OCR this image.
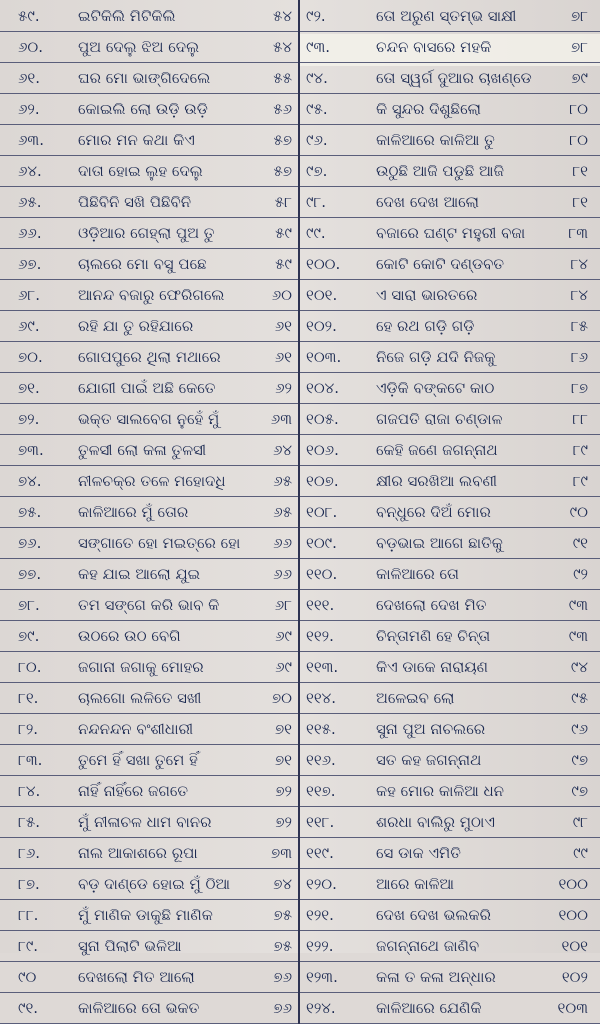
୫୯.	ଇଟିକିଲି ମିଟିକିଲି	୫୪	୯୨.	ତୋ ଅରୁଣ ସ୍ତମ୍ଭ ସାକ୍ଷୀ	୭୮
୬୦.	ପୁଅ ଦେଲୁ ଝିଅ ଦେଲୁ	୫୪	୯୩.	ଚନ୍ଦନ ବାସରେ ମହକି	୭୮
୬୧.	ଘର ମୋ ଭାଙ୍ଗିଦେଲେ	୫୫	୯୪.	ତୋ ସ୍ୱର୍ଗ ଦୁଆର ଚାଖଣ୍ଡେ	୭୯
୬୨.	କୋଇଲି ଲୋ ଉଡ଼ି ଉଡ଼ି	୫୬	୯୫.	କି ସୁନ୍ଦର ଦିଶୁଛିଲୋ	୮୦
୬୩.	ମୋର ମନ କଥା କିଏ	୫୭	୯୬.	କାଳିଆରେ କାଳିଆ ତୁ	୮୦
୬୪.	ଦାତା ହୋଇ ଲୁହ ଦେଲୁ	୫୭	୯୭.	ଉଠୁଛି ଆଜି ପଡୁଛି ଆଜି	୮୧
୬୫.	ପିଛିବିନି ସଖି ପିଛିବିନି	୫୮	୯୮.	ଦେଖ ଦେଖ ଆଲୋ	୮୧
୬୬.	ଓଡ଼ିଆର ଗେହ୍ଲା ପୁଅ ତୁ	୫୯	୯୯.	ବଜାରେ ଘଣ୍ଟ ମହୁରୀ ବଜା	୮୩
୬୭.	ଚାଲରେ ମୋ ବସୁ ପଛେ	୫୯	୧୦୦.	କୋଟି କୋଟି ଦଣ୍ଡବତ	୮୪
୬୮.	ଆନନ୍ଦ ବଜାରୁ ଫେରିଗଲେ	୬୦	୧୦୧.	ଏ ସାରା ଭାରତରେ	୮୪
୬୯.	ରହି ଯା ତୁ ରହିଯାରେ	୬୧	୧୦୨.	ହେ ରଥ ଗଡ଼ି ଗଡ଼ି	୮୫
୭୦.	ଗୋପପୁରେ ଥିଲା ମଥାରେ	୬୧	୧୦୩.	ନିଜେ ଗଡ଼ି ଯଦି ନିଜକୁ	୮୬
୭୧.	ଯୋଗୀ ପାଇଁ ଅଛି କେତେ	୬୨	୧୦୪.	ଏଡ଼ିକି ବଙ୍କଟେ କାଠ	୮୭
୭୨.	ଭକ୍ତ ସାଲବେଗ ନୁହେଁ ମୁଁ	୬୩	୧୦୫.	ଗଜପତି ରାଜା ଚଣ୍ଡାଳ	୮୮
୭୩.	ତୁଳସୀ ଲୋ କଳା ତୁଳସୀ	୬୪	୧୦୬.	କେହି ଜଣେ ଜଗନ୍ନାଥ	୮୯
୭୪.	ନୀଳଚକ୍ର ତଳେ ମହୋଦଧି	୬୫	୧୦୭.	କ୍ଷୀର ସରଖିଆ ଲବଣୀ	୮୯
୭୫.	କାଳିଆରେ ମୁଁ ତୋର	୬୫	୧୦୮.	ବନ୍ଧୁରେ ଦିଅଁ ମୋର	୯୦
୭୬.	ସଙ୍ଗାତେ ହୋ ମଇତ୍ରେ ହୋ	୬୬	୧୦୯.	ବଡ଼ଭାଇ ଆଗେ ଛାତିକୁ	୯୧
୭୭.	କହ ଯାଇ ଆଲୋ ଯୁଇ	୬୬	୧୧୦.	କାଳିଆରେ ତୋ	୯୨
୭୮.	ତମ ସଙ୍ଗେ କରି ଭାବ କି	୬୮	୧୧୧.	ଦେଖଲୋ ଦେଖ ମିତ	୯୩
୭୯.	ଉଠରେ ଉଠ ବେଗି	୬୯	୧୧୨.	ଚିନ୍ତାମଣି ହେ ଚିନ୍ତା	୯୩
୮୦.	ଜଗାନା ଜଗାକୁ ମୋହର	୬୯	୧୧୩.	କିଏ ଡାକେ ନାରାୟଣ	୯୪
୮୧.	ଚାଲଗୋ ଲଳିତେ ସଖୀ	୭୦	୧୧୪.	ଅଳେଇବ ଲୋ	୯୫
୮୨.	ନନ୍ଦନନ୍ଦନ ବଂଶୀଧାରୀ	୭୧	୧୧୫.	ସୁନା ପୁଅ ନାଚଲରେ	୯୬
୮୩.	ତୁମେ ହିଁ ସଖା ତୁମେ ହିଁ	୭୧	୧୧୬.	ସତ କହ ଜଗନ୍ନାଥ	୯୭
୮୪.	ନାହିଁ ନାହିଁରେ ଜଗତେ	୭୨	୧୧୭.	କହ ମୋର କାଳିଆ ଧନ	୯୭
୮୫.	ମୁଁ ନୀଳାଚଳ ଧାମ ବାନର	୭୨	୧୧୮.	ଶରଧା ବାଲିରୁ ମୁଠାଏ	୯୮
୮୬.	ନାଲ ଆକାଶରେ ରୂପା	୭୩	୧୧୯.	ସେ ଡାକ ଏମିତି	୯୯
୮୭.	ବଡ଼ ଦାଣ୍ଡେ ହୋଇ ମୁଁ ଠିଆ	୭୪	୧୨୦.	ଆରେ କାଳିଆ	୧୦୦
୮୮.	ମୁଁ ମାଣିକ ଡାକୁଛି ମାଣିକ	୭୫	୧୨୧.	ଦେଖ ଦେଖ ଭଲକରି	୧୦୦
୮୯.	ସୁନା ପିଲାଟି ଭଳିଆ	୭୫	୧୨୨.	ଜଗନ୍ନାଥେ ଜାଣିବ	୧୦୧
୯୦	ଦେଖଲୋ ମିତ ଆଲୋ	୭୬	୧୨୩.	କଳା ତ କଳା ଅନ୍ଧାର	୧୦୨
୯୧.	କାଳିଆରେ ତୋ ଭକତ	୭୬	୧୨୪.	କାଳିଆରେ ଯେଣିକି	୧୦୩
